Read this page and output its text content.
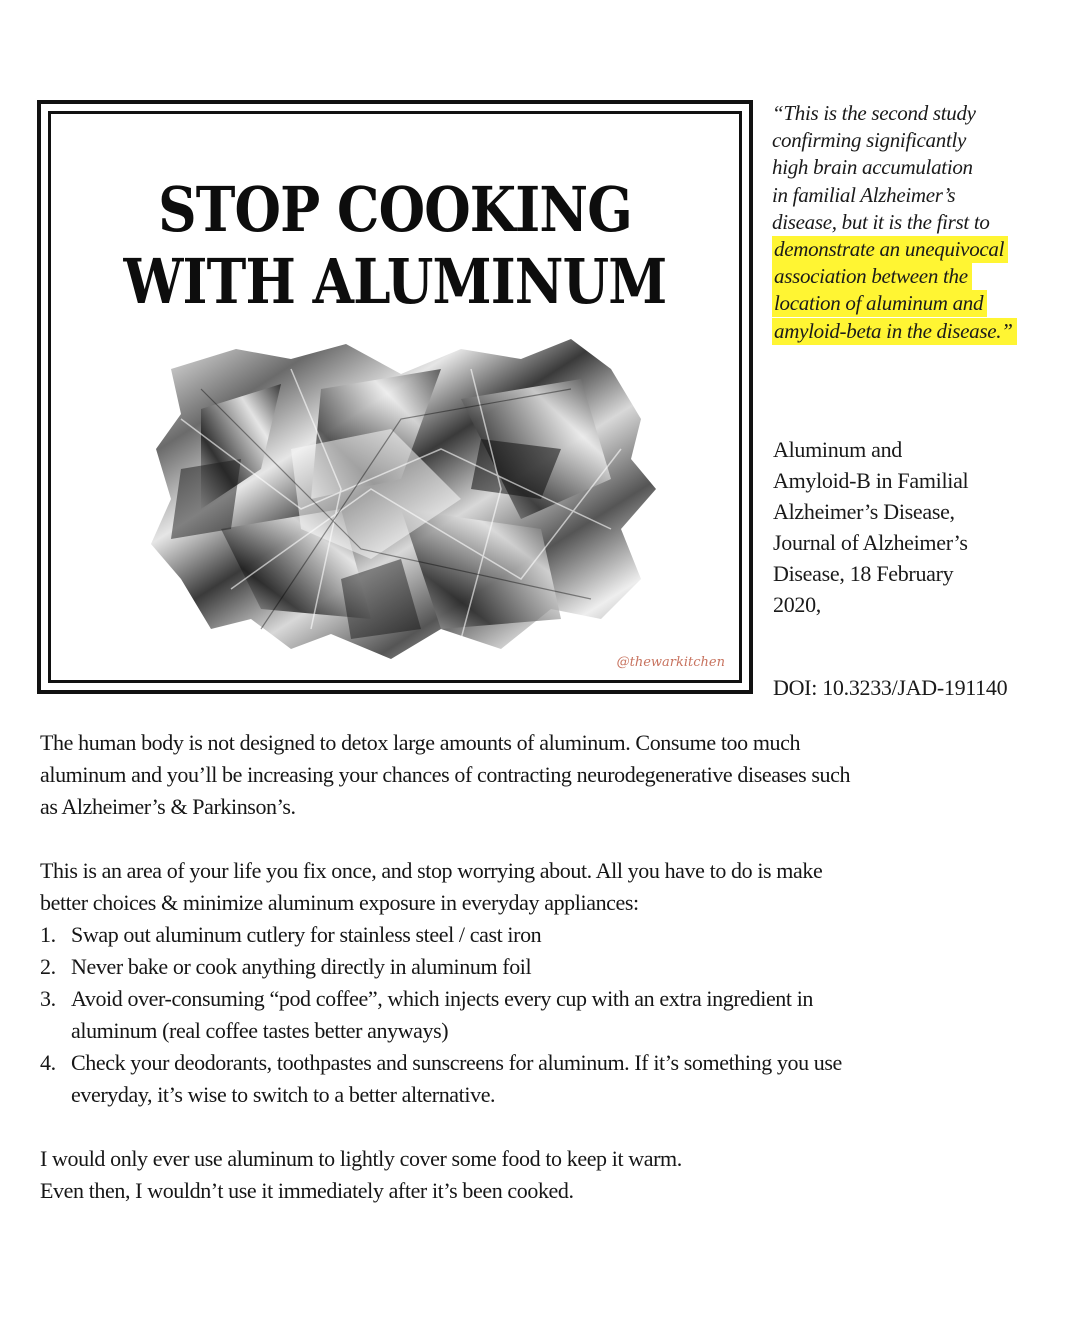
STOP COOKING
WITH ALUMINUM
@thewarkitchen

“This is the second study
confirming significantly
high brain accumulation
in familial Alzheimer’s
disease, but it is the first to
demonstrate an unequivocal
association between the
location of aluminum and
amyloid-beta in the disease.”

Aluminum and
Amyloid-B in Familial
Alzheimer’s Disease,
Journal of Alzheimer’s
Disease, 18 February
2020,
DOI: 10.3233/JAD-191140
The human body is not designed to detox large amounts of aluminum. Consume too much
aluminum and you’ll be increasing your chances of contracting neurodegenerative diseases such
as Alzheimer’s & Parkinson’s.
This is an area of your life you fix once, and stop worrying about. All you have to do is make
better choices & minimize aluminum exposure in everyday appliances:
1. Swap out aluminum cutlery for stainless steel / cast iron
2. Never bake or cook anything directly in aluminum foil
3. Avoid over-consuming “pod coffee”, which injects every cup with an extra ingredient in
aluminum (real coffee tastes better anyways)
4. Check your deodorants, toothpastes and sunscreens for aluminum. If it’s something you use
everyday, it’s wise to switch to a better alternative.
I would only ever use aluminum to lightly cover some food to keep it warm.
Even then, I wouldn’t use it immediately after it’s been cooked.
